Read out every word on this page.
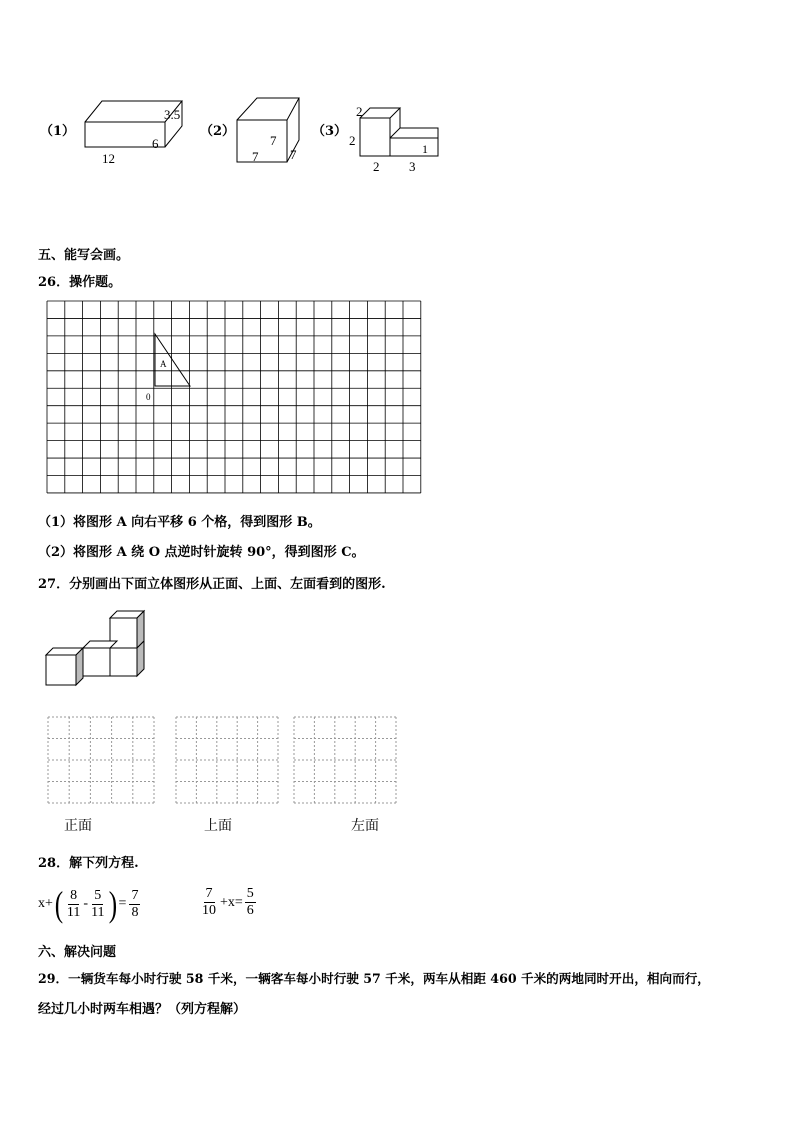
（1）
3.5
6
12
（2）
7
7 7
（3）
2
2
1
2 3
五、能写会画。
26．操作题。
A
0
（1）将图形 A 向右平移 6 个格，得到图形 B。
（2）将图形 A 绕 O 点逆时针旋转 90°，得到图形 C。
27．分别画出下面立体图形从正面、上面、左面看到的图形.
正面	上面	左面
28．解下列方程.
x+ ( $\frac{8}{11} - \frac{5}{11}$ ) = $\frac{7}{8}$	$\frac{7}{10} +x= \frac{5}{6}$
六、解决问题
29．一辆货车每小时行驶 58 千米，一辆客车每小时行驶 57 千米，两车从相距 460 千米的两地同时开出，相向而行，
经过几小时两车相遇？（列方程解）
